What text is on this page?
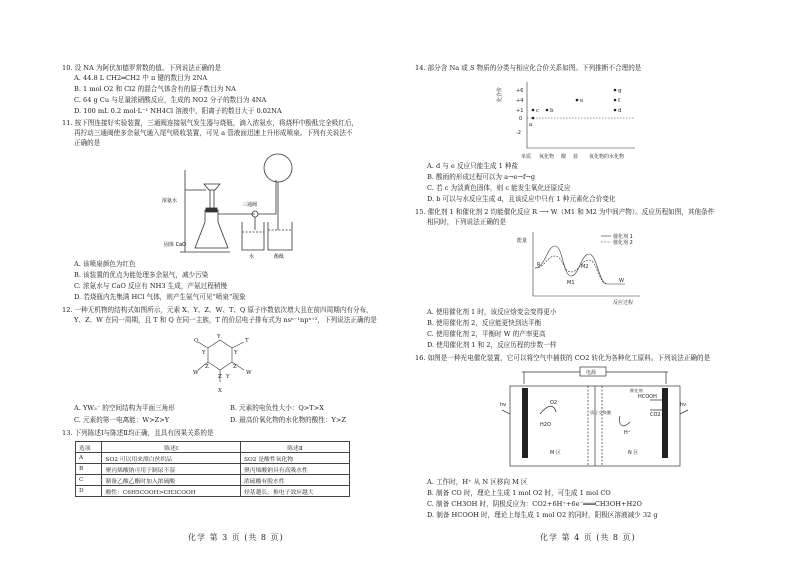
10. 设 NA 为阿伏加德罗常数的值。下列说法正确的是
A. 44.8 L CH2═CH2 中 π 键的数目为 2NA
B. 1 mol O2 和 Cl2 的混合气体含有的原子数目为 NA
C. 64 g Cu 与足量浓硝酸反应，生成的 NO2 分子的数目为 4NA
D. 100 mL 0.2 mol·L⁻¹ NH4Cl 溶液中，阳离子的数目大于 0.02NA
11. 按下图连接好实验装置，三通阀连接氨气发生器与烧瓶，滴入浓氨水，将烧杯中酚酞完全吸红后，
再拧动三通阀使多余氨气通入尾气吸收装置，可见 a 管液面迅速上升形成喷泉。下列有关说法不
正确的是
浓氨水
三通阀
固体 CaO
水	酚酞
A. 该喷泉颜色为红色
B. 该装置的优点为能处理多余氨气，减少污染
C. 浓氨水与 CaO 反应有 NH3 生成，产氨过程稍慢
D. 若烧瓶内先集满 HCl 气体，则产生氨气可见“喷泉”现象
12. 一种无机物的结构式如图所示，元素 X、Y、Z、W、T、Q 原子序数依次增大且在前四周期内有分布，
Y、Z、W 在同一周期，且 T 和 Q 在同一主族，T 的价层电子排布式为 nsⁿ⁻¹npⁿ⁺²，下列说法正确的是
Q
Y
T
Y
W
Z
Y
Z
W
Z Y
X
A. YW₃⁻ 的空间结构为平面三角形	B. 元素的电负性大小：Q>T>X
C. 元素的第一电离能：W>Z>Y	D. 最高价氧化物的水化物的酸性：Y>Z
13. 下列陈述Ⅰ与陈述Ⅱ均正确，且具有因果关系的是
选项	陈述Ⅰ	陈述Ⅱ
A	SO2 可以用来漂白丝织品	SO2 是酸性氧化物
B	聚丙烯酸钠可用于制尿不湿	聚丙烯酸钠具有高吸水性
C	制备乙酸乙酯时加入浓硫酸	浓硫酸有脱水性
D	酸性：C6H5COOH>CH3COOH	烃基越长，推电子效应越大
化学 第 3 页 (共 8 页)
14. 部分含 Na 或 S 物质的分类与相应化合价关系如图。下列推断不合理的是
化合价	+6
+4
+1
0
-2
单质 氧化物 酸 盐 氧化物的水化物
a
b
c	d
e	f
g
A. d 与 e 反应只能生成 1 种盐
B. 酸雨的形成过程可以为 a→e→f→g
C. 若 c 为淡黄色固体，则 c 能发生氧化还原反应
D. b 可以与水反应生成 d，且该反应中只有 1 种元素化合价变化
15. 催化剂 1 和催化剂 2 均能催化反应 R ⟶ W（M1 和 M2 为中间产物）。反应历程如图，其他条件
相同时，下列说法正确的是
能量
催化剂 1
催化剂 2
R
M1
M2
W
反应过程
A. 使用催化剂 1 时，该反应焓变会变得更小
B. 使用催化剂 2，反应能更快到达平衡
C. 使用催化剂 2，平衡时 W 的产率更高
D. 使用催化剂 1 和 2，反应历程的步数一样
16. 如图是一种光电催化装置，它可以将空气中捕获的 CO2 转化为各种化工原料。下列说法正确的是
电源
hν	hν
O2
H2O
质子交换膜
M 区	N 区
催化剂
CO2
HCOOH
H⁺
A. 工作时，H⁺ 从 N 区移向 M 区
B. 制备 CO 时，理论上生成 1 mol O2 时，可生成 1 mol CO
C. 制备 CH3OH 时，阴极反应为：CO2+6H⁺+6e⁻═══CH3OH+H2O
D. 制备 HCOOH 时，理论上每生成 1 mol O2 的同时，阳极区溶液减少 32 g
化学 第 4 页 (共 8 页)
